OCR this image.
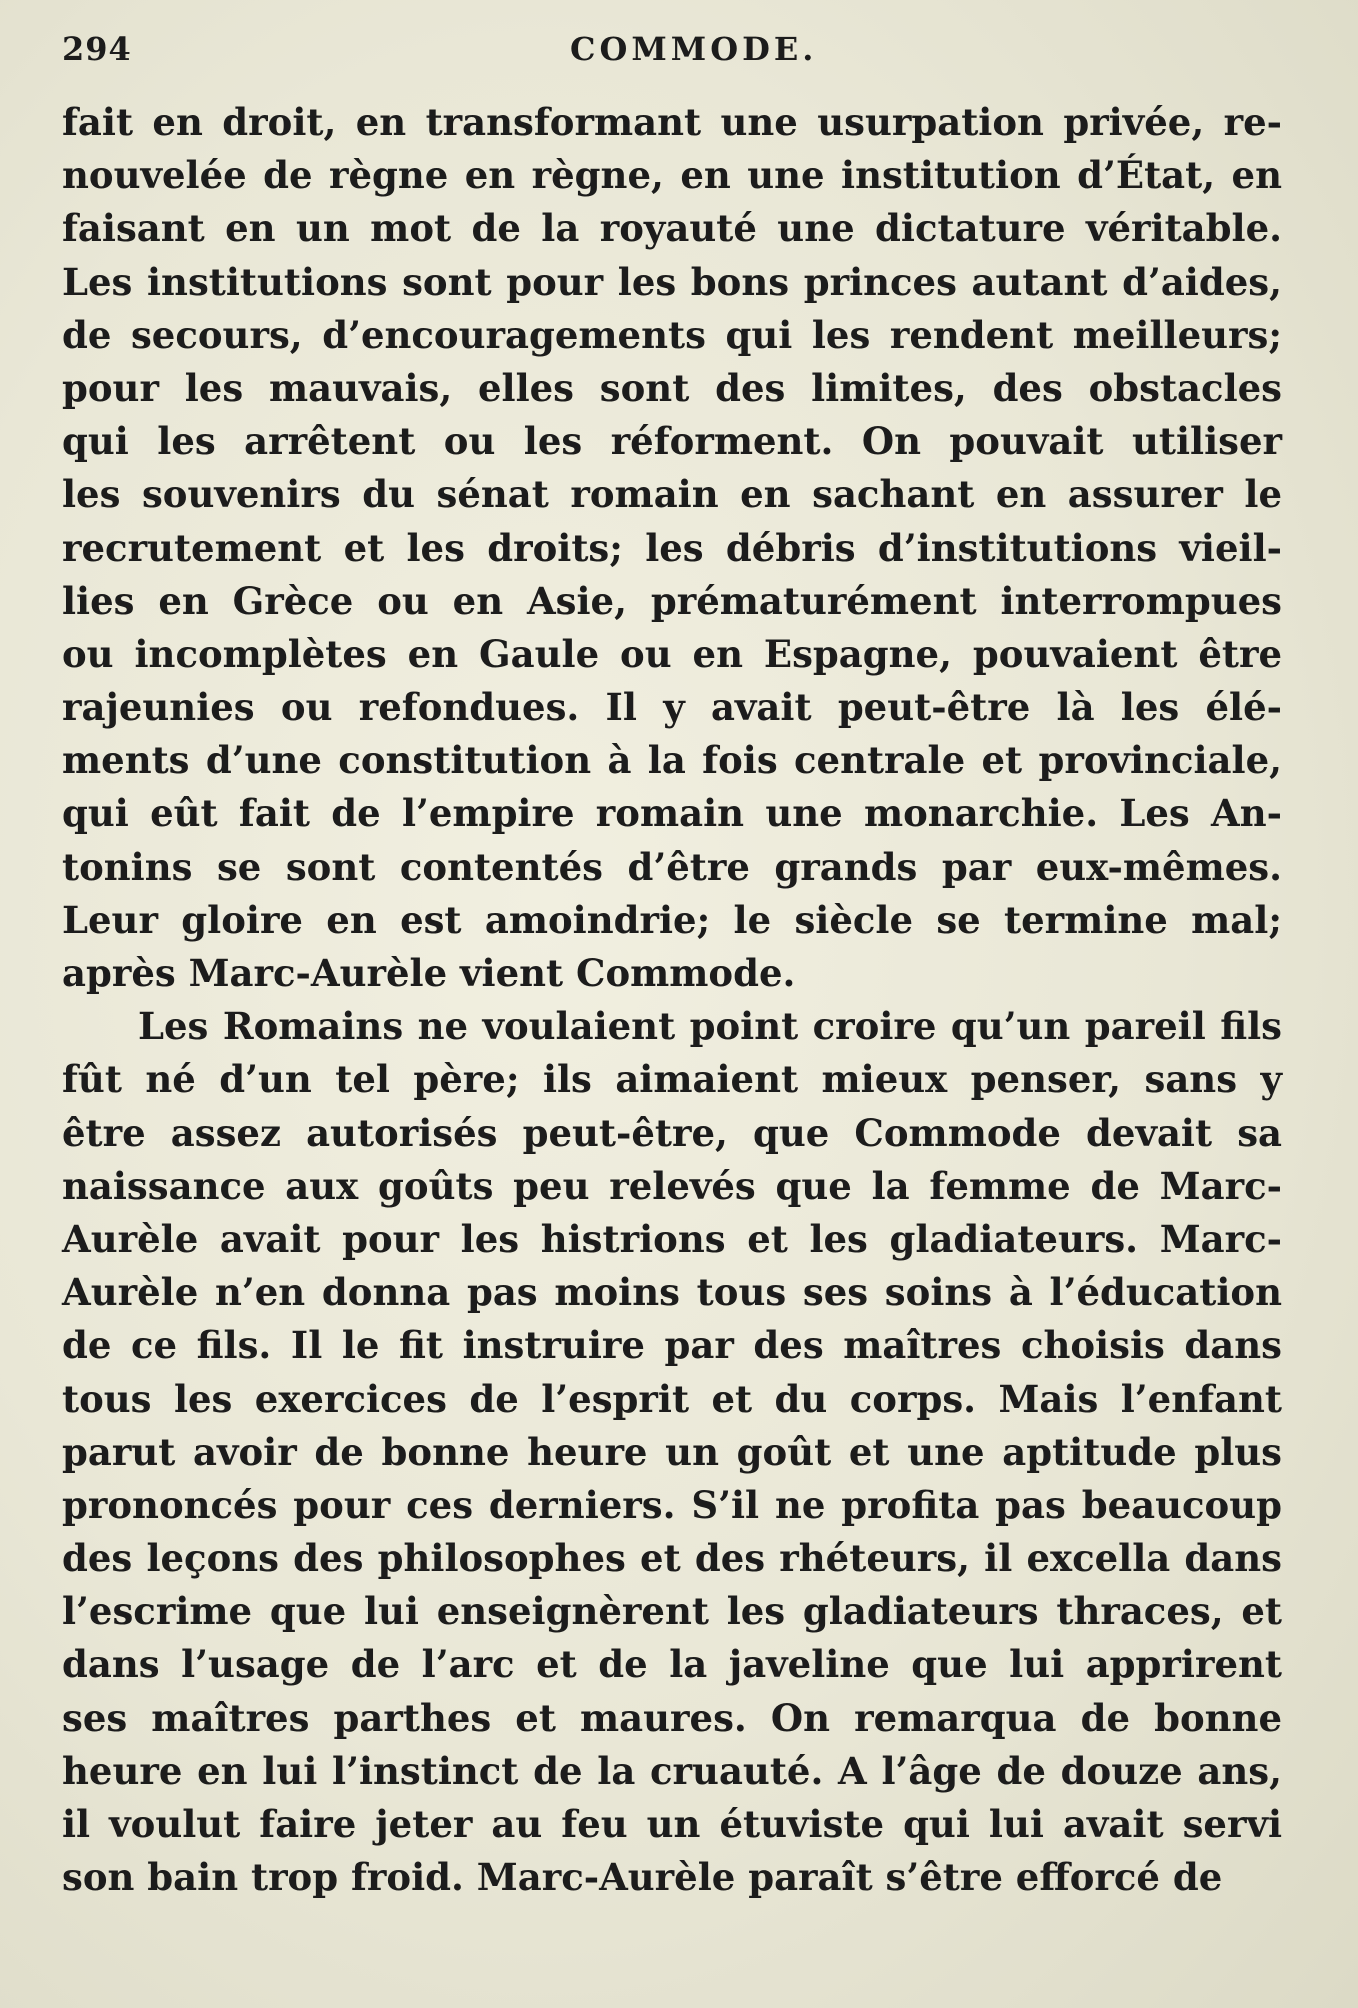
294	COMMODE.
fait en droit, en transformant une usurpation privée, re-
nouvelée de règne en règne, en une institution d’État, en
faisant en un mot de la royauté une dictature véritable.
Les institutions sont pour les bons princes autant d’aides,
de secours, d’encouragements qui les rendent meilleurs;
pour les mauvais, elles sont des limites, des obstacles
qui les arrêtent ou les réforment. On pouvait utiliser
les souvenirs du sénat romain en sachant en assurer le
recrutement et les droits; les débris d’institutions vieil-
lies en Grèce ou en Asie, prématurément interrompues
ou incomplètes en Gaule ou en Espagne, pouvaient être
rajeunies ou refondues. Il y avait peut-être là les élé-
ments d’une constitution à la fois centrale et provinciale,
qui eût fait de l’empire romain une monarchie. Les An-
tonins se sont contentés d’être grands par eux-mêmes.
Leur gloire en est amoindrie; le siècle se termine mal;
après Marc-Aurèle vient Commode.
Les Romains ne voulaient point croire qu’un pareil fils
fût né d’un tel père; ils aimaient mieux penser, sans y
être assez autorisés peut-être, que Commode devait sa
naissance aux goûts peu relevés que la femme de Marc-
Aurèle avait pour les histrions et les gladiateurs. Marc-
Aurèle n’en donna pas moins tous ses soins à l’éducation
de ce fils. Il le fit instruire par des maîtres choisis dans
tous les exercices de l’esprit et du corps. Mais l’enfant
parut avoir de bonne heure un goût et une aptitude plus
prononcés pour ces derniers. S’il ne profita pas beaucoup
des leçons des philosophes et des rhéteurs, il excella dans
l’escrime que lui enseignèrent les gladiateurs thraces, et
dans l’usage de l’arc et de la javeline que lui apprirent
ses maîtres parthes et maures. On remarqua de bonne
heure en lui l’instinct de la cruauté. A l’âge de douze ans,
il voulut faire jeter au feu un étuviste qui lui avait servi
son bain trop froid. Marc-Aurèle paraît s’être efforcé de
